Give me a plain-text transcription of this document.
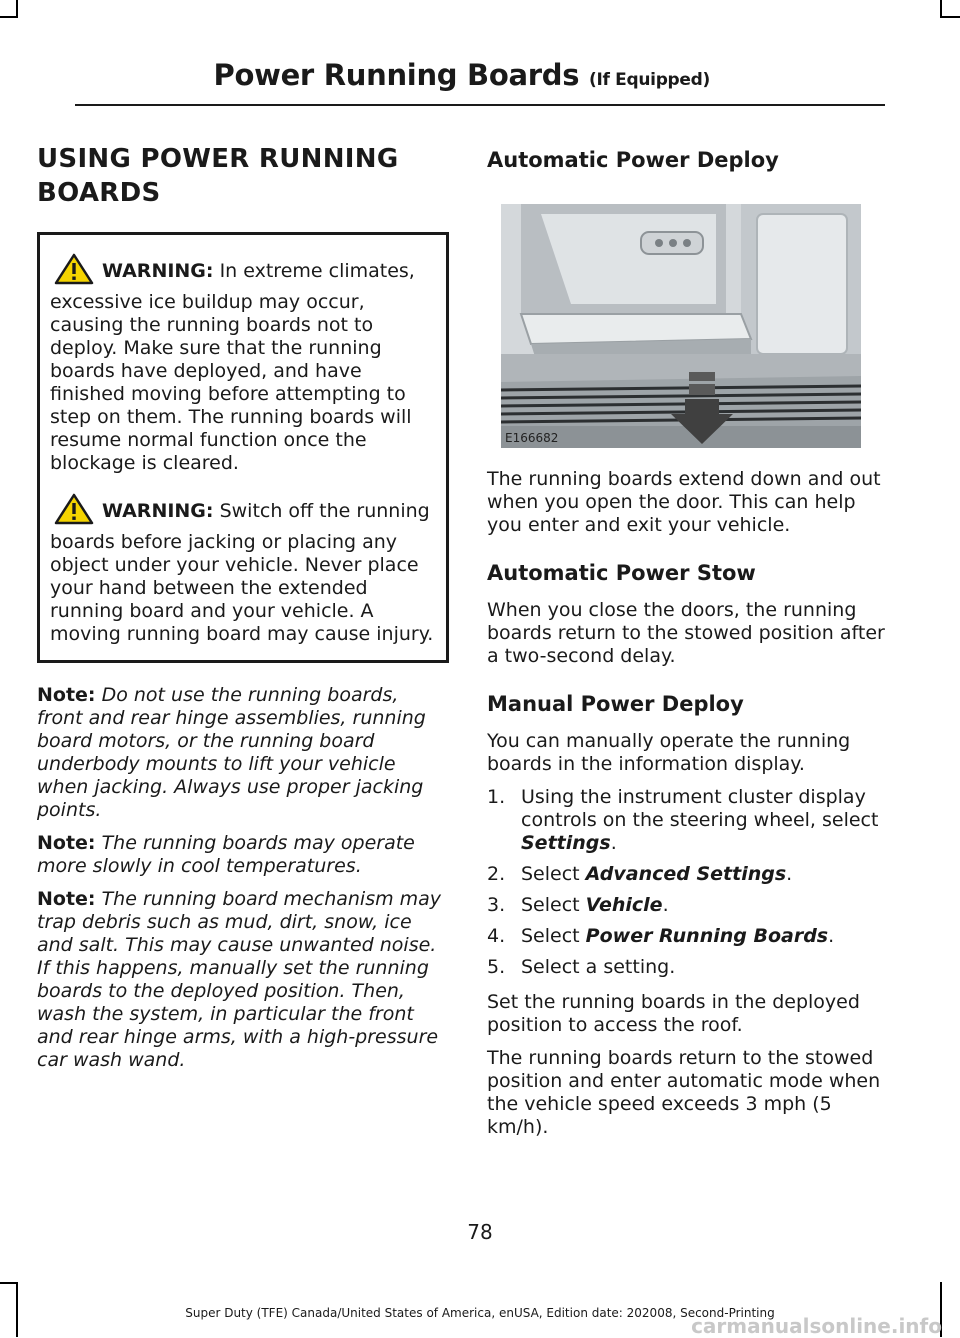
Power Running Boards (If Equipped)
USING POWER RUNNING BOARDS
WARNING: In extreme climates, excessive ice buildup may occur, causing the running boards not to deploy. Make sure that the running boards have deployed, and have finished moving before attempting to step on them. The running boards will resume normal function once the blockage is cleared.
WARNING: Switch off the running boards before jacking or placing any object under your vehicle. Never place your hand between the extended running board and your vehicle. A moving running board may cause injury.

Note: Do not use the running boards, front and rear hinge assemblies, running board motors, or the running board underbody mounts to lift your vehicle when jacking. Always use proper jacking points.

Note: The running boards may operate more slowly in cool temperatures.

Note: The running board mechanism may trap debris such as mud, dirt, snow, ice and salt. This may cause unwanted noise. If this happens, manually set the running boards to the deployed position. Then, wash the system, in particular the front and rear hinge arms, with a high-pressure car wash wand.

Automatic Power Deploy
E166682

The running boards extend down and out when you open the door. This can help you enter and exit your vehicle.

Automatic Power Stow

When you close the doors, the running boards return to the stowed position after a two-second delay.

Manual Power Deploy

You can manually operate the running boards in the information display.

1. Using the instrument cluster display controls on the steering wheel, select Settings.
2. Select Advanced Settings.
3. Select Vehicle.
4. Select Power Running Boards.
5. Select a setting.

Set the running boards in the deployed position to access the roof.

The running boards return to the stowed position and enter automatic mode when the vehicle speed exceeds 3 mph (5 km/h).

78
Super Duty (TFE) Canada/United States of America, enUSA, Edition date: 202008, Second-Printing
carmanualsonline.info
